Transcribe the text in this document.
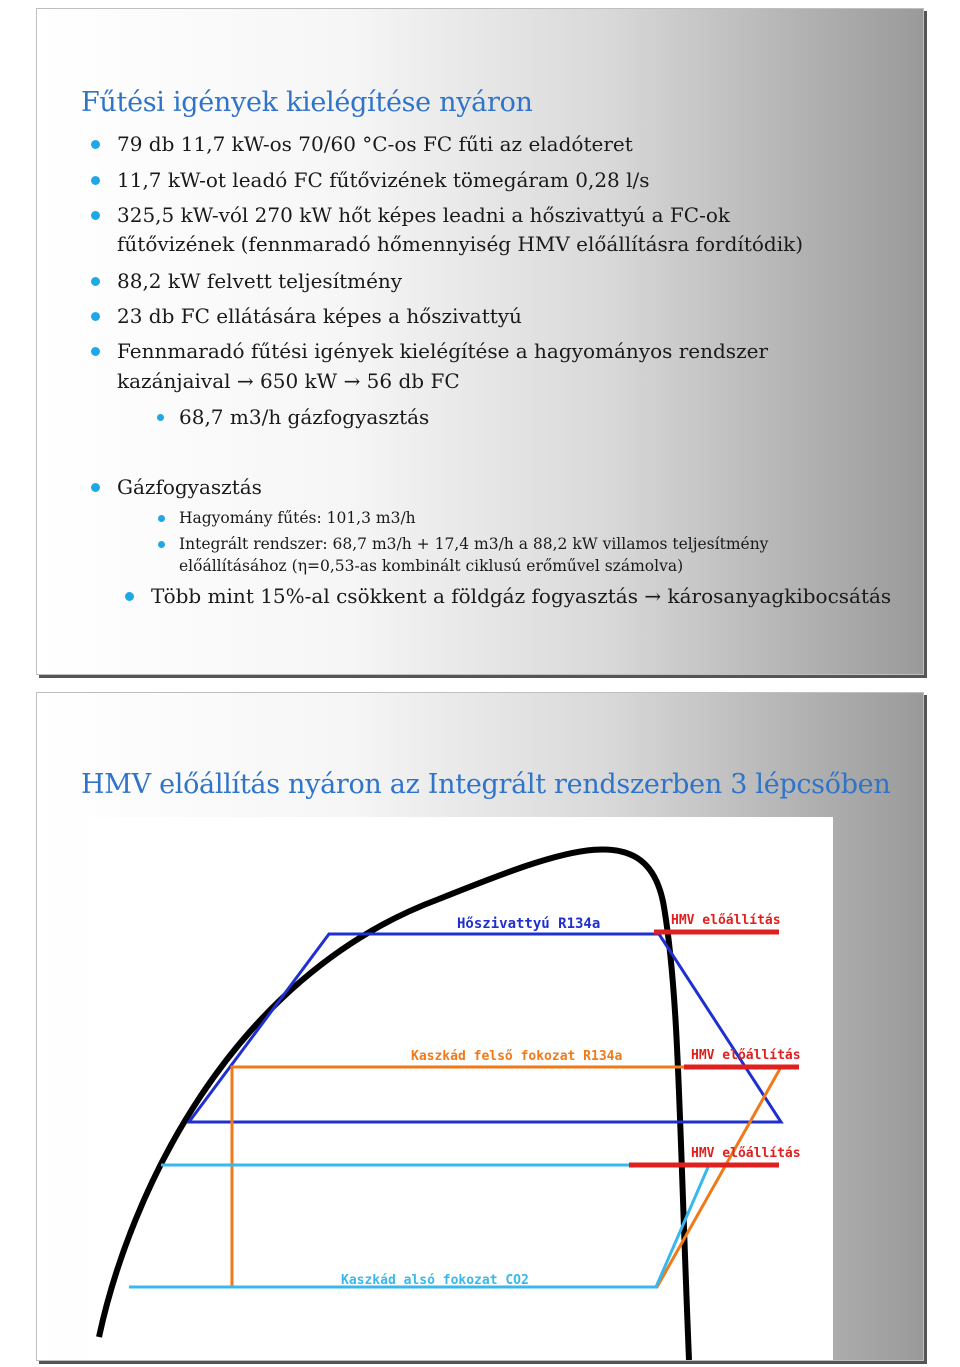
Fűtési igények kielégítése nyáron
79 db 11,7 kW-os 70/60 °C-os FC fűti az eladóteret
11,7 kW-ot leadó FC fűtővizének tömegáram 0,28 l/s
325,5 kW-vól 270 kW hőt képes leadni a hőszivattyú a FC-ok
fűtővizének (fennmaradó hőmennyiség HMV előállításra fordítódik)
88,2 kW felvett teljesítmény
23 db FC ellátására képes a hőszivattyú
Fennmaradó fűtési igények kielégítése a hagyományos rendszer
kazánjaival → 650 kW → 56 db FC
68,7 m3/h gázfogyasztás
Gázfogyasztás
Hagyomány fűtés: 101,3 m3/h
Integrált rendszer: 68,7 m3/h + 17,4 m3/h a 88,2 kW villamos teljesítmény
előállításához (η=0,53-as kombinált ciklusú erőművel számolva)
Több mint 15%-al csökkent a földgáz fogyasztás → károsanyagkibocsátás
HMV előállítás nyáron az Integrált rendszerben 3 lépcsőben
Hőszivattyú R134a	HMV előállítás
Kaszkád felső fokozat R134a	HMV előállítás
HMV előállítás
Kaszkád alsó fokozat CO2
